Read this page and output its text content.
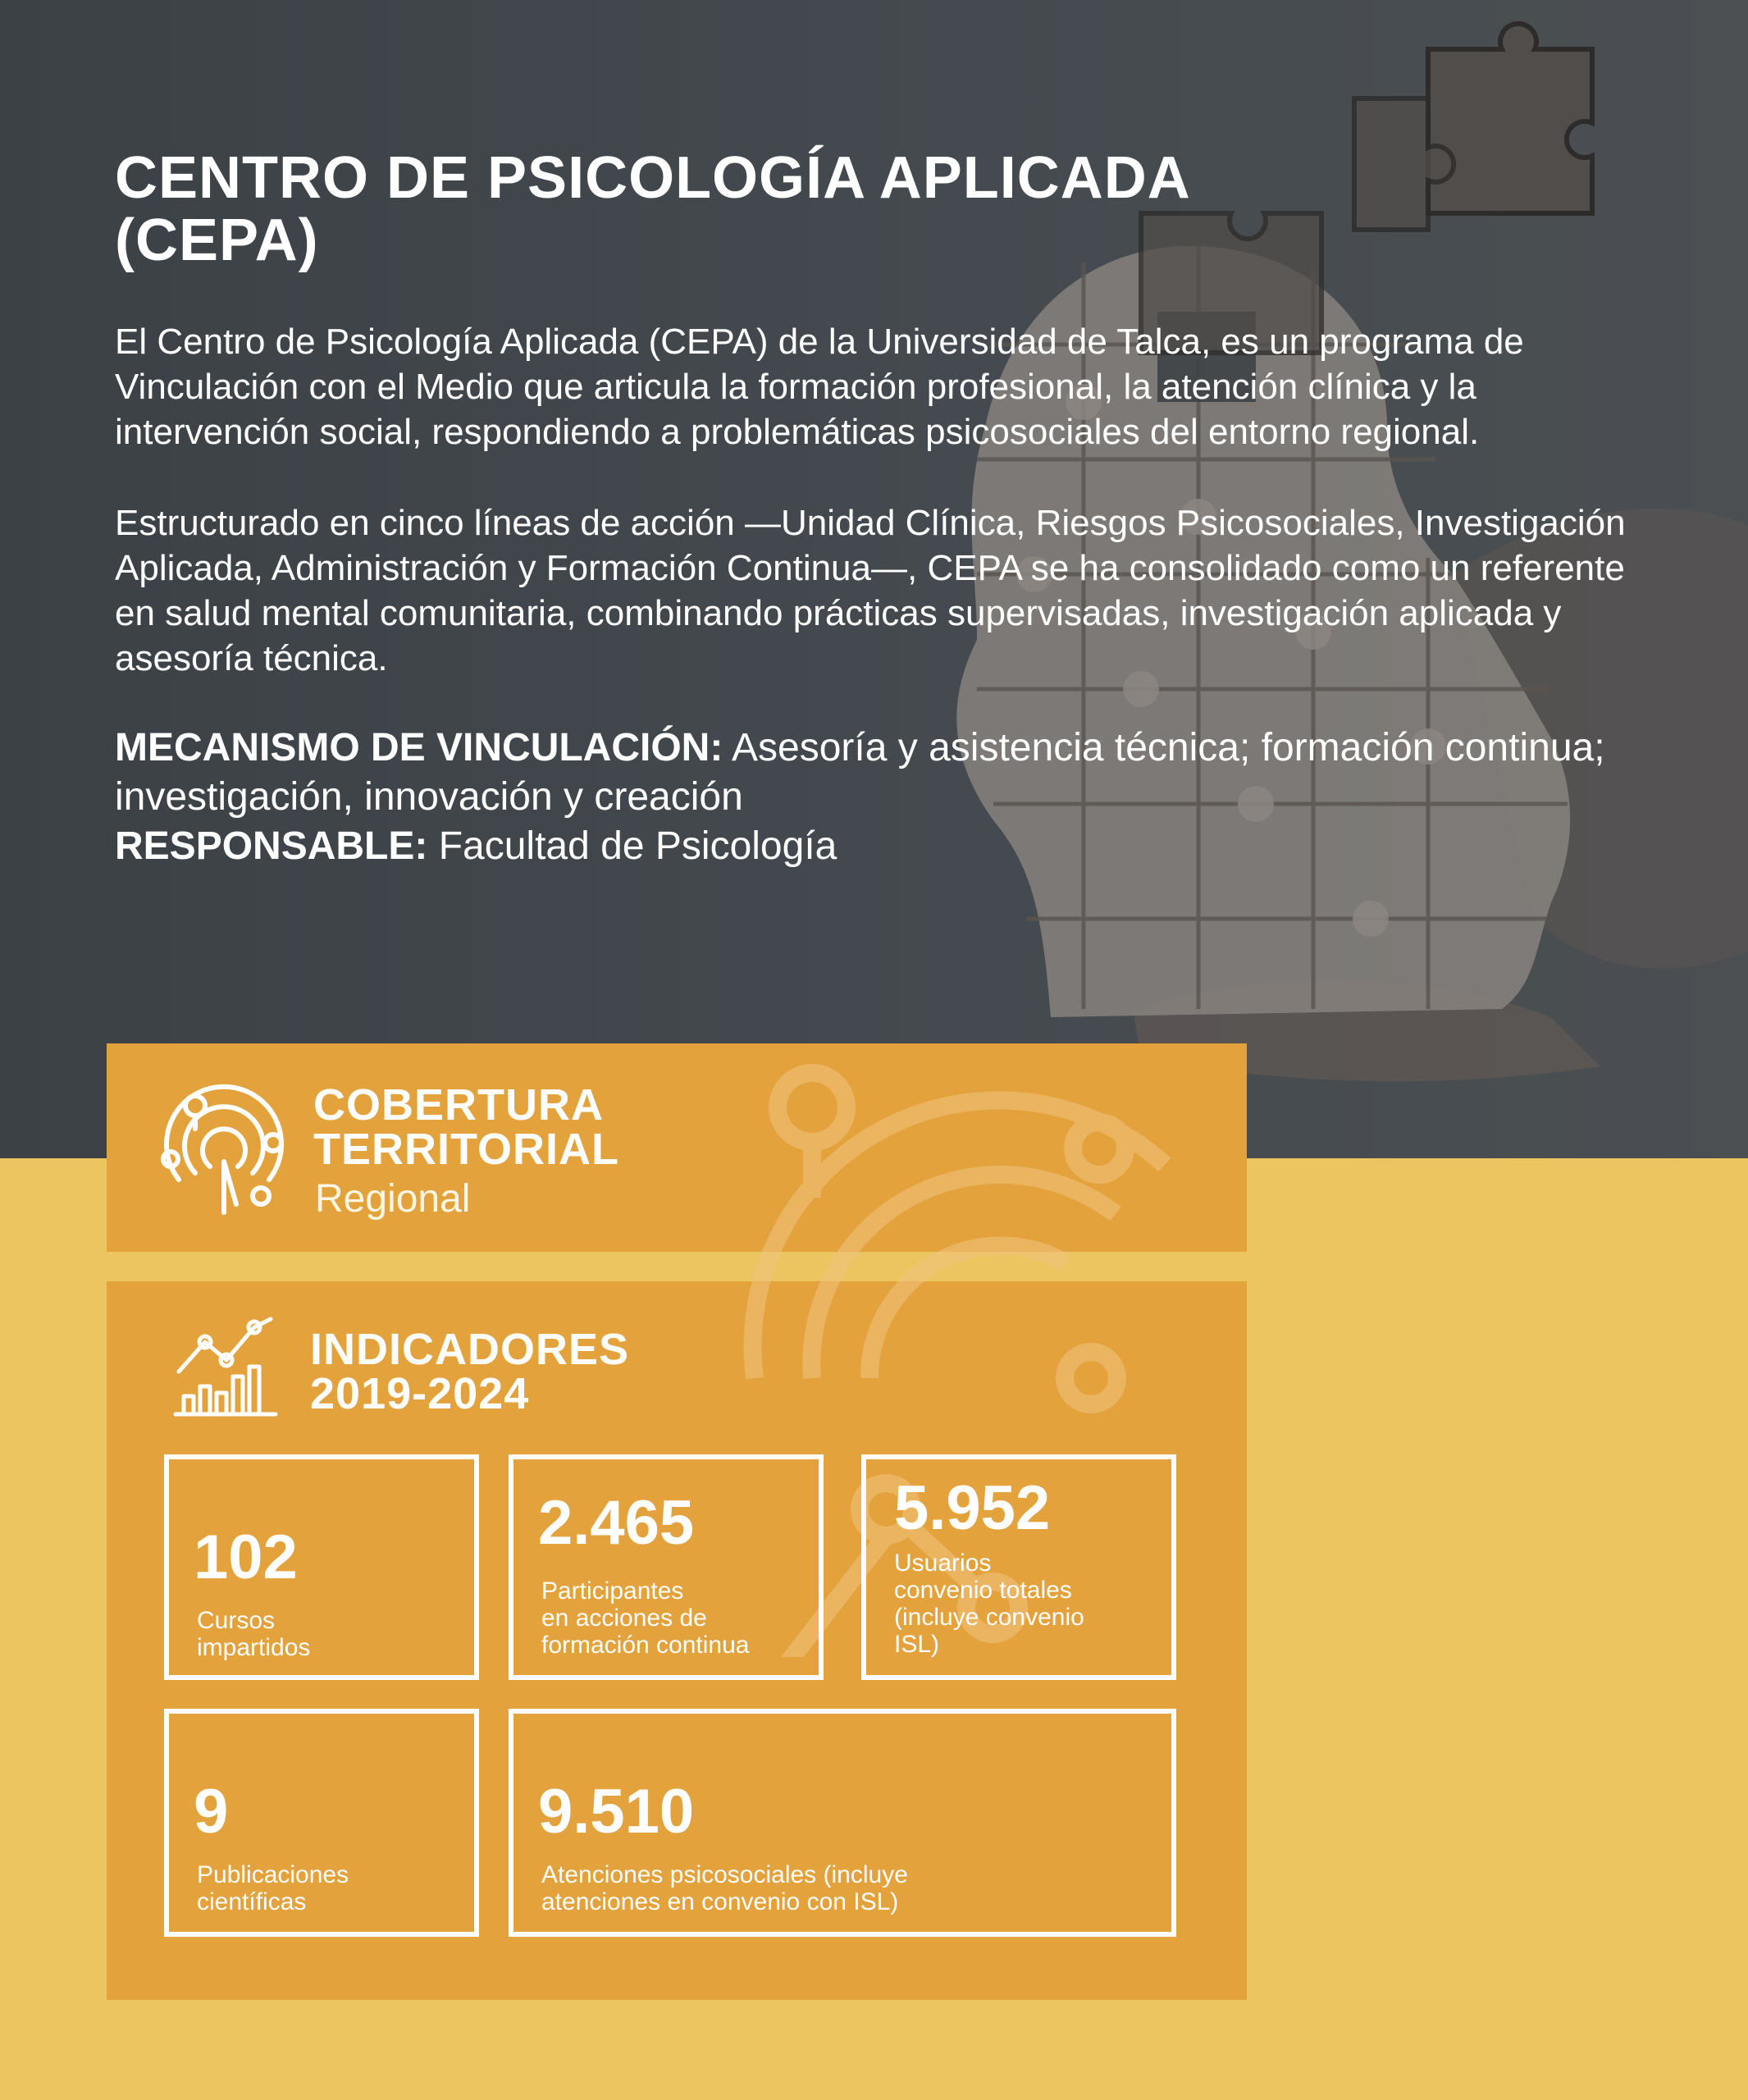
CENTRO DE PSICOLOGÍA APLICADA
(CEPA)

El Centro de Psicología Aplicada (CEPA) de la Universidad de Talca, es un programa de Vinculación con el Medio que articula la formación profesional, la atención clínica y la intervención social, respondiendo a problemáticas psicosociales del entorno regional.

Estructurado en cinco líneas de acción —Unidad Clínica, Riesgos Psicosociales, Investigación Aplicada, Administración y Formación Continua—, CEPA se ha consolidado como un referente en salud mental comunitaria, combinando prácticas supervisadas, investigación aplicada y asesoría técnica.

MECANISMO DE VINCULACIÓN: Asesoría y asistencia técnica; formación continua; investigación, innovación y creación
RESPONSABLE: Facultad de Psicología
COBERTURA
TERRITORIAL
Regional
INDICADORES
2019-2024
102
Cursos
impartidos
2.465
Participantes
en acciones de
formación continua
5.952
Usuarios
convenio totales
(incluye convenio
ISL)
9
Publicaciones
científicas
9.510
Atenciones psicosociales (incluye
atenciones en convenio con ISL)
